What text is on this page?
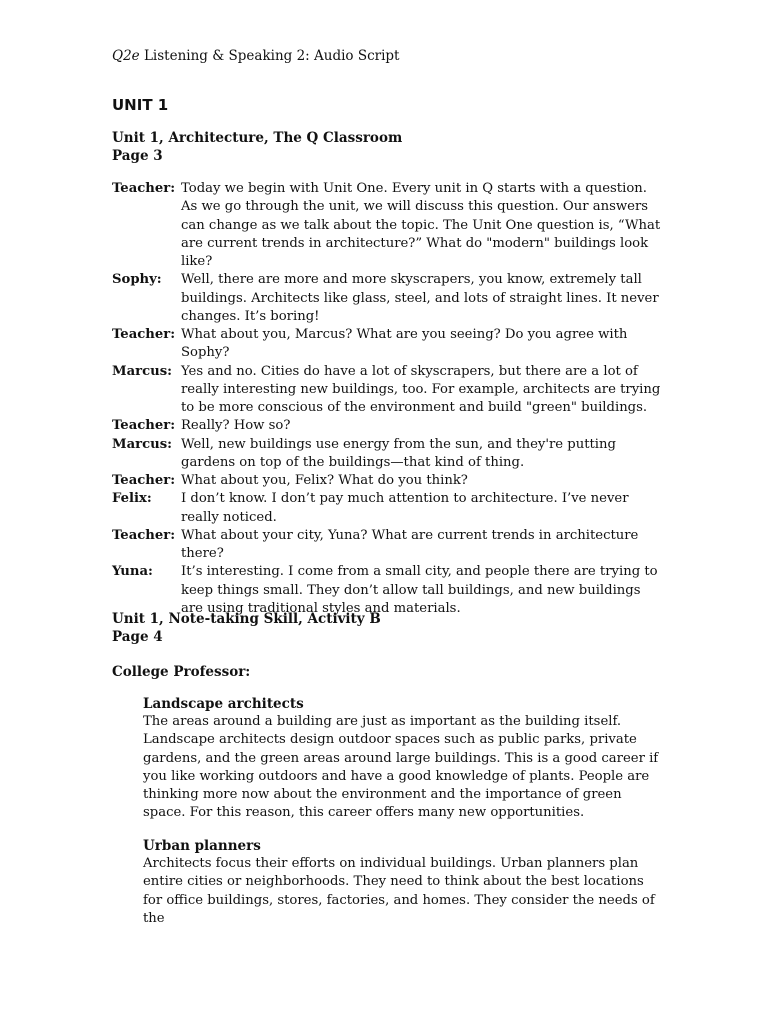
Q2e Listening & Speaking 2: Audio Script
UNIT 1
Unit 1, Architecture, The Q Classroom
Page 3
Teacher: Today we begin with Unit One. Every unit in Q starts with a question. As we go through the unit, we will discuss this question. Our answers can change as we talk about the topic. The Unit One question is, “What are current trends in architecture?” What do "modern" buildings look like?
Sophy:	Well, there are more and more skyscrapers, you know, extremely tall buildings. Architects like glass, steel, and lots of straight lines. It never changes. It’s boring!
Teacher: What about you, Marcus? What are you seeing? Do you agree with Sophy?
Marcus: Yes and no. Cities do have a lot of skyscrapers, but there are a lot of really interesting new buildings, too. For example, architects are trying to be more conscious of the environment and build "green" buildings.
Teacher: Really? How so?
Marcus: Well, new buildings use energy from the sun, and they're putting gardens on top of the buildings—that kind of thing.
Teacher: What about you, Felix? What do you think?
Felix:	I don’t know. I don’t pay much attention to architecture. I’ve never really noticed.
Teacher: What about your city, Yuna? What are current trends in architecture there?
Yuna:	It’s interesting. I come from a small city, and people there are trying to keep things small. They don’t allow tall buildings, and new buildings are using traditional styles and materials.
Unit 1, Note-taking Skill, Activity B
Page 4
College Professor:
Landscape architects
The areas around a building are just as important as the building itself. Landscape architects design outdoor spaces such as public parks, private gardens, and the green areas around large buildings. This is a good career if you like working outdoors and have a good knowledge of plants. People are thinking more now about the environment and the importance of green space. For this reason, this career offers many new opportunities.
Urban planners
Architects focus their efforts on individual buildings. Urban planners plan entire cities or neighborhoods. They need to think about the best locations for office buildings, stores, factories, and homes. They consider the needs of the
